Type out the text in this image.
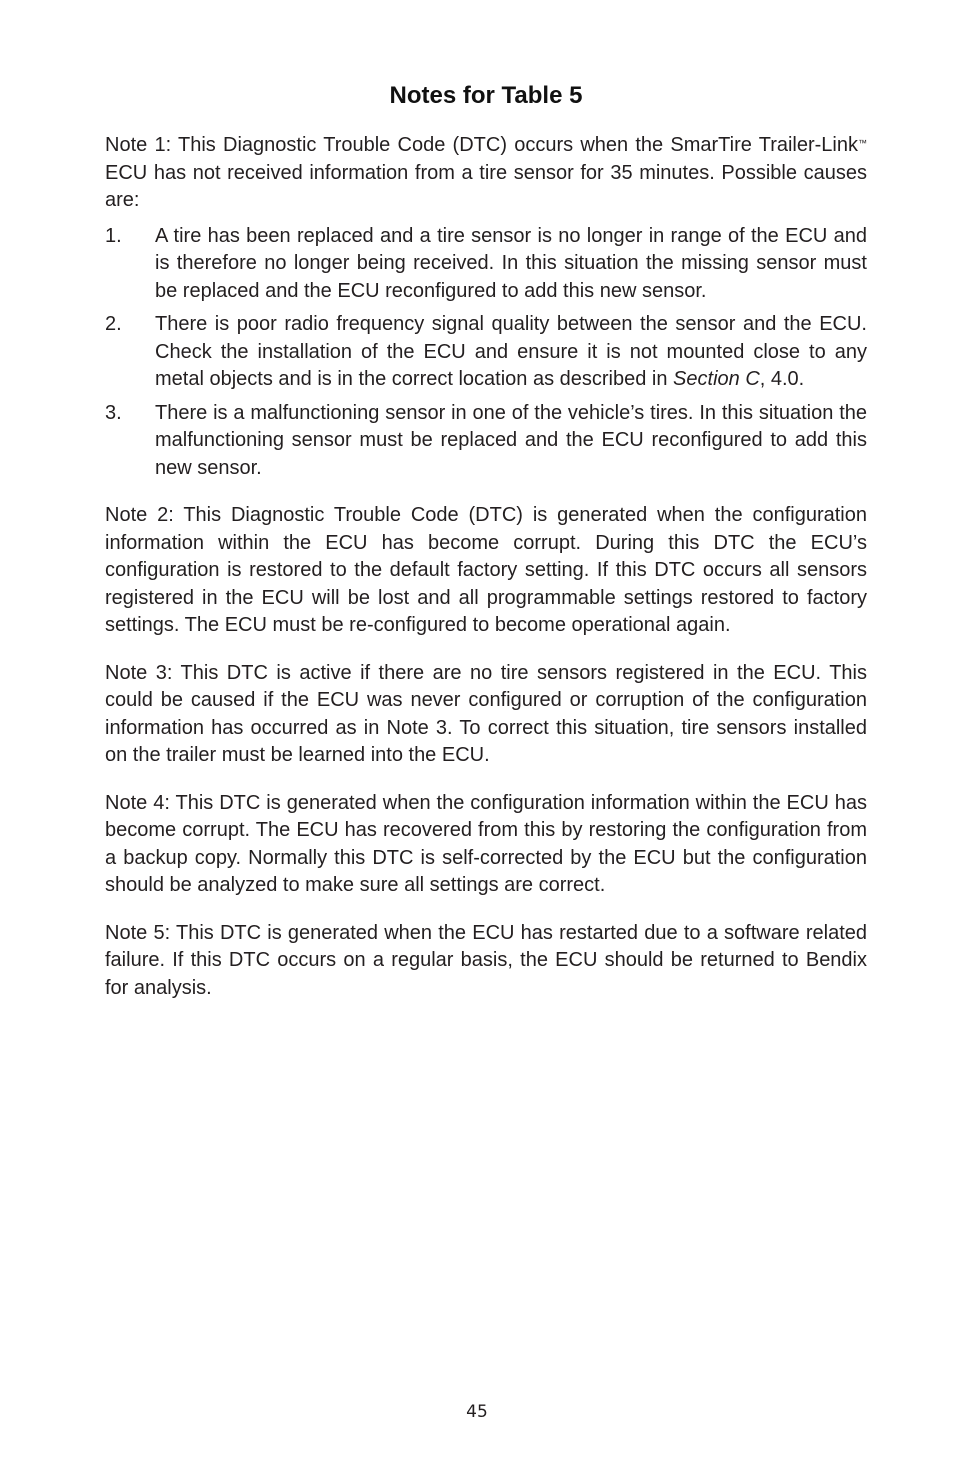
Notes for Table 5

Note 1: This Diagnostic Trouble Code (DTC) occurs when the SmarTire Trailer-Link™ ECU has not received information from a tire sensor for 35 minutes. Possible causes are:

1. A tire has been replaced and a tire sensor is no longer in range of the ECU and is therefore no longer being received. In this situation the missing sensor must be replaced and the ECU reconfigured to add this new sensor.
2. There is poor radio frequency signal quality between the sensor and the ECU. Check the installation of the ECU and ensure it is not mounted close to any metal objects and is in the correct location as described in Section C, 4.0.
3. There is a malfunctioning sensor in one of the vehicle’s tires. In this situation the malfunctioning sensor must be replaced and the ECU reconfigured to add this new sensor.

Note 2: This Diagnostic Trouble Code (DTC) is generated when the configuration information within the ECU has become corrupt. During this DTC the ECU’s configuration is restored to the default factory setting. If this DTC occurs all sensors registered in the ECU will be lost and all programmable settings restored to factory settings. The ECU must be re-configured to become operational again.

Note 3: This DTC is active if there are no tire sensors registered in the ECU. This could be caused if the ECU was never configured or corruption of the configuration information has occurred as in Note 3. To correct this situation, tire sensors installed on the trailer must be learned into the ECU.

Note 4: This DTC is generated when the configuration information within the ECU has become corrupt. The ECU has recovered from this by restoring the configuration from a backup copy. Normally this DTC is self-corrected by the ECU but the configuration should be analyzed to make sure all settings are correct.

Note 5: This DTC is generated when the ECU has restarted due to a software related failure. If this DTC occurs on a regular basis, the ECU should be returned to Bendix for analysis.

45
